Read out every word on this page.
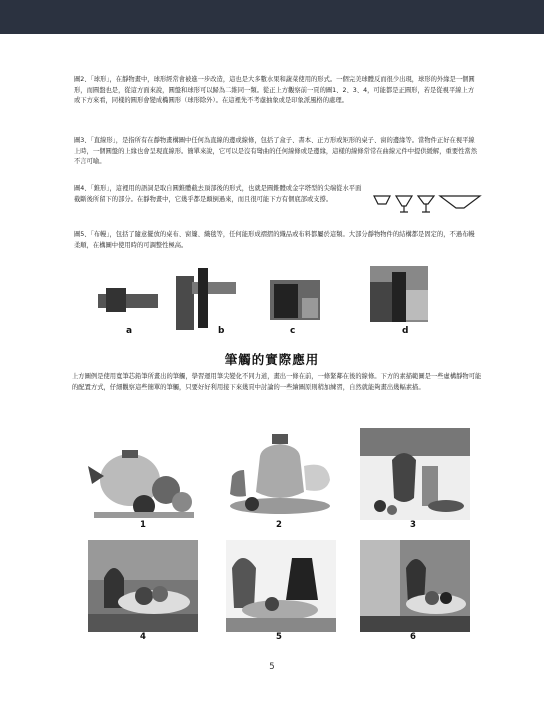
圖2、「球形」，在靜物畫中，球形經常會被進一步改造，這也是大多數水果和蔬菜使用的形式。一個完美球體反而很少出現，球形的外緣是一個圓形，而圓盤也是，從這方面來說，圓盤和球形可以歸為二維同一類。從正上方觀察前一頁的圖1、2、3、4，可能都是正圓形，若是從視平線上方或下方來看，同樣的圓形會變成橢圓形（球形除外）。在這裡先不考慮抽象或是印象派風格的處理。

圖3、「直線形」，是指所有在靜物畫構圖中任何為直線的邊或線條，包括了盒子、書本、正方形或矩形的桌子、窗的邊緣等。當物件正好在視平線上時，一個圓盤的上緣也會呈現直線形。簡單來說，它可以是沒有彎曲的任何線條或是邊緣，這樣的線條常常在曲線元件中提供緩解，重要性當然不言可喻。

圖4、「錐形」，這裡用的語詞是取自圓錐體截去頂部後的形式，也就是圓錐體或金字塔型的尖端從水平面截斷後所留下的部分。在靜物畫中，它幾乎都是顛倒過來，而且很可能下方有個底部或支撐。

圖5、「布幔」，包括了隨意擺放的桌布、窗簾、織毯等，任何能形成褶摺的織品或布料都屬於這類。大部分靜物物件的結構都是固定的，不過布幔柔順，在構圖中使用時的可調整性極高。

a	b	c	d
筆觸的實際應用

上方圖例是使用寬筆芯鉛筆所畫出的筆觸，學習運用筆尖變化不同力道，畫出一條在前，一條緊鄰在後的線條。下方的素描範圖是一些虛構靜物可能的配置方式，仔細觀察這些簡單的筆觸，只要好好利用接下來幾頁中討論的一些繪圖原則稍加練習，自然就能夠畫出幾幅素描。

1	2	3
4	5	6
5
